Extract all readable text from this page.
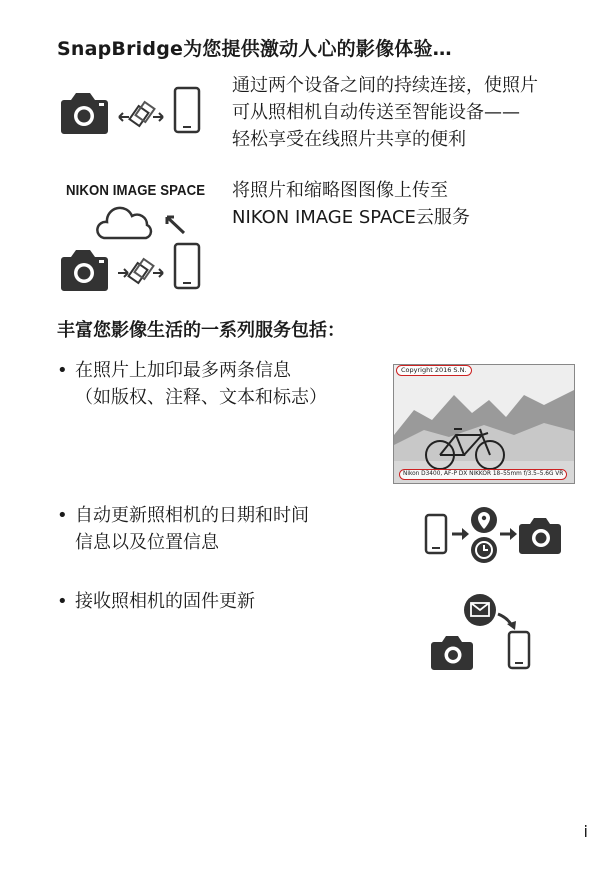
SnapBridge为您提供激动人心的影像体验…
通过两个设备之间的持续连接，使照片
可从照相机自动传送至智能设备——
轻松享受在线照片共享的便利
NIKON IMAGE SPACE 将照片和缩略图图像上传至
NIKON IMAGE SPACE云服务
丰富您影像生活的一系列服务包括：
• 在照片上加印最多两条信息
（如版权、注释、文本和标志）
Copyright 2016 S.N.
Nikon D3400, AF-P DX NIKKOR 18–55mm f/3.5–5.6G VR
• 自动更新照相机的日期和时间
信息以及位置信息
• 接收照相机的固件更新
i
